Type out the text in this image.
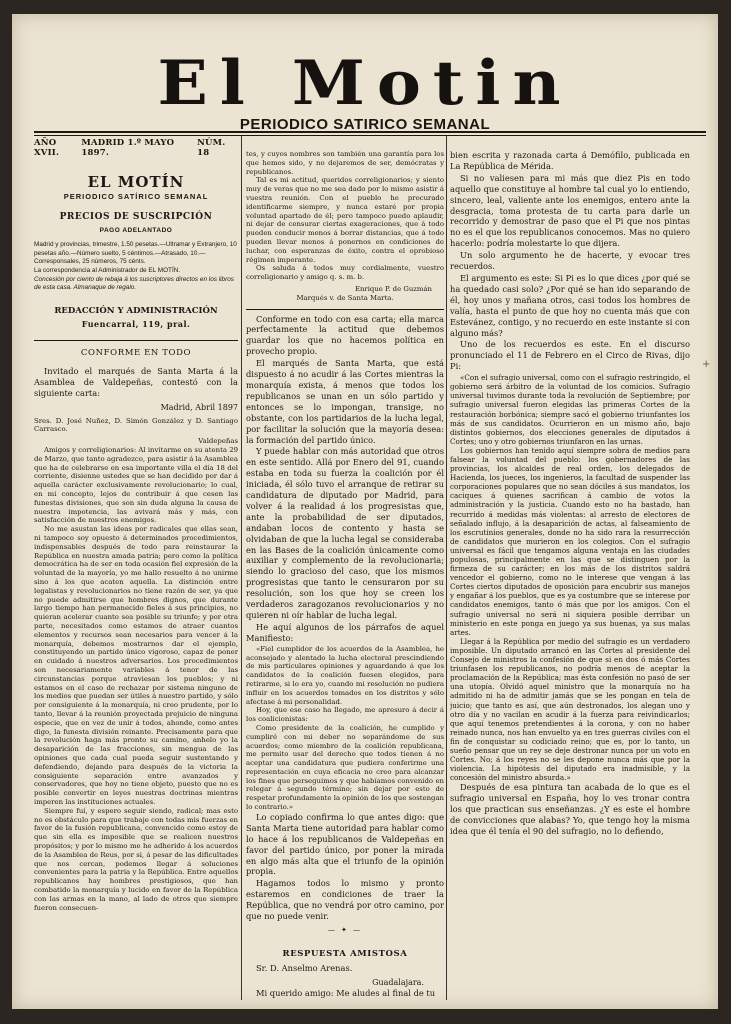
El Motin
PERIODICO SATIRICO SEMANAL
AÑO XVII.
MADRID 1.º MAYO 1897.
NÚM. 18
EL MOTÍN
PERIODICO SATÍRICO SEMANAL
PRECIOS DE SUSCRIPCIÓN
PAGO ADELANTADO
Madrid y provincias, trimestre, 1.50 pesetas.—Ultramar y Extranjero, 10 pesetas año.—Número suelto, 5 céntimos.—Atrasado, 10.—Corresponsales, 25 números, 75 cénts.
La correspondencia al Administrador de EL MOTÍN.
Concesión por ciento de rebaja á los suscriptores directos en los libros de esta casa. Almanaque de regalo.
REDACCIÓN Y ADMINISTRACIÓN
Fuencarral, 119, pral.
CONFORME EN TODO

Invitado el marqués de Santa Marta á la Asamblea de Valdepeñas, contestó con la siguiente carta:

Madrid, Abril 1897

Sres. D. José Nuñez, D. Simón González y D. Santiago Carrasco.

Valdepeñas

Amigos y correligionarios: Al invitarme en su atenta 29 de Marzo, que tanto agradezco, para asistir á la Asamblea que ha de celebrarse en esa importante villa el día 18 del corriente, disienne ustedes que se han decidido por dar á aquella carácter exclusivamente revolucionario; lo cual, en mi concepto, lejos de contribuir á que cesen las funestas divisiones, que son sin duda alguna la causa de nuestra impotencia, las avivará más y más, con satisfacción de nuestros enemigos.

No me asustan las ideas por radicales que ellas sean, ni tampoco soy opuesto á determinados procedimientos, indispensables después de todo para reinstaurar la República en nuestra amada patria; pero como la política democrática ha de ser en toda ocasión fiel expresión de la voluntad de la mayoría, yo me hallo resuelto á no unirme sino á los que acaten aquella. La distinción entre legalistas y revolucionarios no tiene razón de ser, ya que no puede admitirse que hombres dignos, que durante largo tiempo han permanecido fieles á sus principios, no quieran acelerar cuanto sea posible su triunfo; y por otra parte, necesitados como estamos de atraer cuantos elementos y recursos sean necesarios para vencer á la monarquía, debemos mostrarnos dar el ejemplo, constituyendo un partido único vigoroso, capaz de poner en cuidado á nuestros adversarios. Los procedimientos son necesariamente variables á tenor de las circunstancias porque atraviesan los pueblos; y ni estamos en el caso de rechazar por sistema ninguno de los medios que puedan ser útiles á nuestro partido, y sólo por consiguiente á la monarquía, ni creo prudente, por lo tanto, llevar á la reunión proyectada prejuicio de ninguna especie, que en vez de unir á todos, ahonde, como antes digo, la funesta división reinante. Precisamente para que la revolución haga más pronto su camino, anhelo yo la desaparición de las fracciones, sin mengua de las opiniones que cada cual pueda seguir sustentando y defendiendo, dejando para después de la victoria la consiguiente separación entre avanzados y conservadores, que hoy no tiene objeto, puesto que no es posible convertir en leyes nuestras doctrinas mientras imperen las instituciones actuales.

Siempre fuí, y espero seguir siendo, radical; mas esto no es obstáculo para que trabaje con todas mis fuerzas en favor de la fusión republicana, convencido como estoy de que sin ella es imposible que se realicen nuestros propósitos; y por lo mismo me he adherido á los acuerdos de la Asamblea de Reus, por si, á pesar de las dificultades que nos cercan, podemos llegar á soluciones convenientes para la patria y la República. Entre aquellos republicanos hay hombres prestigiosos, que han combatido la monarquía y lucido en favor de la República con las armas en la mano, al lado de otros que siempre fueron consecuen-

tes, y cuyos nombres son también una garantía para los que hemos sido, y no dejaremos de ser, demócratas y republicanos.

Tal es mi actitud, queridos correligionarios; y siento muy de veras que no me sea dado por lo mismo asistir á vuestra reunión. Con el pueblo he procurado identificarme siempre, y nunca estaré por propia voluntad apartado de él; pero tampoco puedo aplaudir, ni dejar de censurar ciertas exageraciones, que á todo pueden conducir menos á borrar distancias, que á todo pueden llevar menos á ponernos en condiciones de luchar, con esperanzas de éxito, contra el oprobioso régimen imperante.

Os saluda á todos muy cordialmente, vuestro correligionario y amigo q. s. m. b.

Enrique P. de Guzmán

Marqués v. de Santa Marta.

Conforme en todo con esa carta; ella marca perfectamente la actitud que debemos guardar los que no hacemos política en provecho propio.

El marqués de Santa Marta, que está dispuesto á no acudir á las Cortes mientras la monarquía exista, á menos que todos los republicanos se unan en un sólo partido y entonces se lo impongan, transige, no obstante, con los partidarios de la lucha legal, por facilitar la solución que la mayoría desea: la formación del partido único.

Y puede hablar con más autoridad que otros en este sentido. Allá por Enero del 91, cuando estaba en toda su fuerza la coalición por él iniciada, él sólo tuvo el arranque de retirar su candidatura de diputado por Madrid, para volver á la realidad á los progresistas que, ante la probabilidad de ser diputados, andaban locos de contento y hasta se olvidaban de que la lucha legal se consideraba en las Bases de la coalición únicamente como auxiliar y complemento de la revolucionaria; siendo lo gracioso del caso, que los mismos progresistas que tanto le censuraron por su resolución, son los que hoy se creen los verdaderos zaragozanos revolucionarios y no quieren ni oír hablar de lucha legal.

He aquí algunos de los párrafos de aquel Manifiesto:

«Fiel cumplidor de los acuerdos de la Asamblea, he aconsejado y alentado la lucha electoral prescindiendo de mis particulares opiniones y aguardando á que los candidatos de la coalición fuesen elegidos, para retirarme, si lo era yo, cuando mi resolución no pudiera influir en los acuerdos tomados en los distritos y sólo afectase á mi personalidad.

Hoy, que ese caso ha llegado, me apresuro á decir á los coalicionistas:

Como presidente de la coalición, he cumplido y cumpliré con mi deber no separándome de sus acuerdos; como miembro de la coalición republicana, me permito usar del derecho que todos tienen á no aceptar una candidatura que pudiera conferirme una representación en cuya eficacia no creo para alcanzar los fines que perseguimos y que habíamos convenido en relegar á segundo término; sin dejar por esto de respetar profundamente la opinión de los que sostengan lo contrario.»

Lo copiado confirma lo que antes digo: que Santa Marta tiene autoridad para hablar como lo hace á los republicanos de Valdepeñas en favor del partido único, por poner la mirada en algo más alta que el triunfo de la opinión propia.

Hagamos todos lo mismo y pronto estaremos en condiciones de traer la República, que no vendrá por otro camino, por que no puede venir.

— ✦ —
RESPUESTA AMISTOSA

Sr. D. Anselmo Arenas.

Guadalajara.

Mi querido amigo: Me aludes al final de tu

bien escrita y razonada carta á Demófilo, publicada en La República de Mérida.

Si no valiesen para mi más que diez Pis en todo aquello que constituye al hombre tal cual yo lo entiendo, sincero, leal, valiente ante los enemigos, entero ante la desgracia, toma protesta de tu carta para darle un recorrido y demostrar de paso que el Pi que nos pintas no es el que los republicanos conocemos. Mas no quiero hacerlo: podría molestarte lo que dijera.

Un solo argumento he de hacerte, y evocar tres recuerdos.

El argumento es este: Si Pi es lo que dices ¿por qué se ha quedado casi solo? ¿Por qué se han ido separando de él, hoy unos y mañana otros, casi todos los hombres de valía, hasta el punto de que hoy no cuenta más que con Estevánez, contigo, y no recuerdo en este instante si con alguno más?

Uno de los recuerdos es este. En el discurso pronunciado el 11 de Febrero en el Circo de Rivas, dijo Pi:

«Con el sufragio universal, como con el sufragio restringido, el gobierno será árbitro de la voluntad de los comicios. Sufragio universal tuvimos durante toda la revolución de Septiembre; por sufragio universal fueron elegidas las primeras Cortes de la restauración borbónica; siempre sacó el gobierno triunfantes los más de sus candidatos. Ocurrieron en un mismo año, bajo distintos gobiernos, dos elecciones generales de diputados á Cortes; uno y otro gobiernos triunfaron en las urnas.

Los gobiernos han tenido aquí siempre sobra de medios para falsear la voluntad del pueblo: los gobernadores de las provincias, los alcaldes de real orden, los delegados de Hacienda, los jueces, los ingenieros, la facultad de suspender las corporaciones populares que no sean dóciles á sus mandatos, los caciques á quienes sacrifican á cambio de votos la administración y la justicia. Cuando esto no ha bastado, han recurrido á medidas más violentas: al arresto de electores de señalado influjo, á la desaparición de actas, al falseamiento de los escrutinios generales, donde no ha sido rara la resurrección de candidatos que murieron en los colegios. Con el sufragio universal es fácil que tengamos alguna ventaja en las ciudades populosas, principalmente en las que se distinguen por la firmeza de su carácter; en los más de los distritos saldrá vencedor el gobierno, como no le interese que vengan á las Cortes ciertos diputados de oposición para encubrir sus manejos y engañar á los pueblos, que es ya costumbre que se interese por candidatos enemigos, tanto ó más que por los amigos. Con el sufragio universal no será ni siquiera posible derribar un ministerio en este ponga en juego ya sus buenas, ya sus malas artes.

Llegar á la República por medio del sufragio es un verdadero imposible. Un diputado arrancó en las Cortes al presidente del Consejo de ministros la confesión de que si en dos ó más Cortes triunfasen los republicanos, no podría menos de aceptar la proclamación de la República; mas ésta confesión no pasó de ser una utopía. Olvidó aquel ministro que la monarquía no ha admitido ni ha de admitir jamás que se les pongan en tela de juicio; que tanto es así, que aún destronados, los alegan uno y otro día y no vacilan en acudir á la fuerza para reivindicarlos; que aquí tenemos pretendientes á la corona, y con no haber reinado nunca, nos han envuelto ya en tres guerras civiles con el fin de conquistar su codiciado reino; que es, por lo tanto, un sueño pensar que un rey se deje destronar nunca por un voto en Cortes. No; á los reyes no se les depone nunca más que por la violencia. La hipótesis del diputado era inadmisible, y la concesión del ministro absurda.»

Después de esa pintura tan acabada de lo que es el sufragio universal en España, hoy lo ves tronar contra los que practican sus enseñanzas. ¿Y es este el hombre de convicciones que alabas? Yo, que tengo hoy la misma idea que él tenía el 90 del sufragio, no lo defiendo,

+
